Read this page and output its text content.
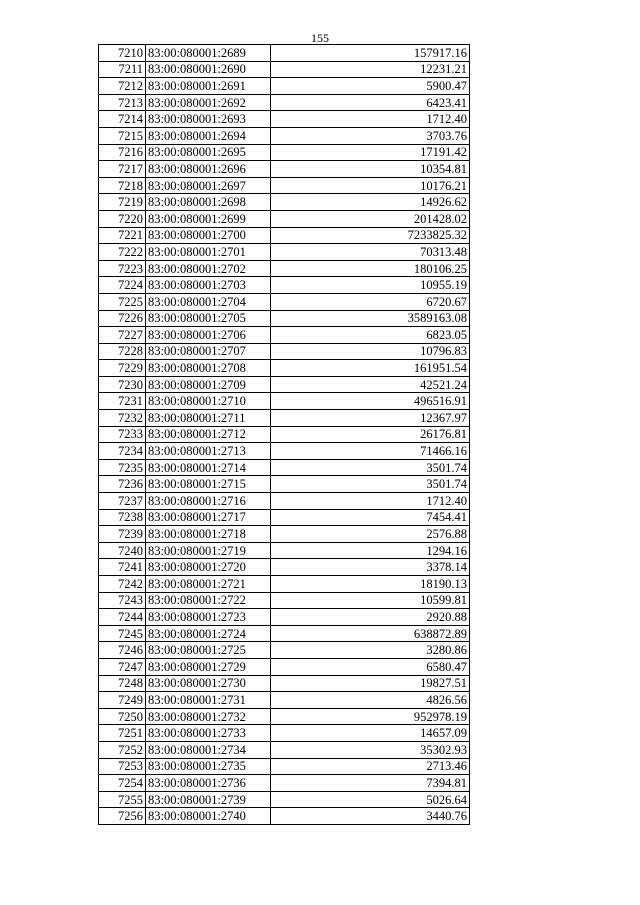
155
7210	83:00:080001:2689	157917.16
7211	83:00:080001:2690	12231.21
7212	83:00:080001:2691	5900.47
7213	83:00:080001:2692	6423.41
7214	83:00:080001:2693	1712.40
7215	83:00:080001:2694	3703.76
7216	83:00:080001:2695	17191.42
7217	83:00:080001:2696	10354.81
7218	83:00:080001:2697	10176.21
7219	83:00:080001:2698	14926.62
7220	83:00:080001:2699	201428.02
7221	83:00:080001:2700	7233825.32
7222	83:00:080001:2701	70313.48
7223	83:00:080001:2702	180106.25
7224	83:00:080001:2703	10955.19
7225	83:00:080001:2704	6720.67
7226	83:00:080001:2705	3589163.08
7227	83:00:080001:2706	6823.05
7228	83:00:080001:2707	10796.83
7229	83:00:080001:2708	161951.54
7230	83:00:080001:2709	42521.24
7231	83:00:080001:2710	496516.91
7232	83:00:080001:2711	12367.97
7233	83:00:080001:2712	26176.81
7234	83:00:080001:2713	71466.16
7235	83:00:080001:2714	3501.74
7236	83:00:080001:2715	3501.74
7237	83:00:080001:2716	1712.40
7238	83:00:080001:2717	7454.41
7239	83:00:080001:2718	2576.88
7240	83:00:080001:2719	1294.16
7241	83:00:080001:2720	3378.14
7242	83:00:080001:2721	18190.13
7243	83:00:080001:2722	10599.81
7244	83:00:080001:2723	2920.88
7245	83:00:080001:2724	638872.89
7246	83:00:080001:2725	3280.86
7247	83:00:080001:2729	6580.47
7248	83:00:080001:2730	19827.51
7249	83:00:080001:2731	4826.56
7250	83:00:080001:2732	952978.19
7251	83:00:080001:2733	14657.09
7252	83:00:080001:2734	35302.93
7253	83:00:080001:2735	2713.46
7254	83:00:080001:2736	7394.81
7255	83:00:080001:2739	5026.64
7256	83:00:080001:2740	3440.76
